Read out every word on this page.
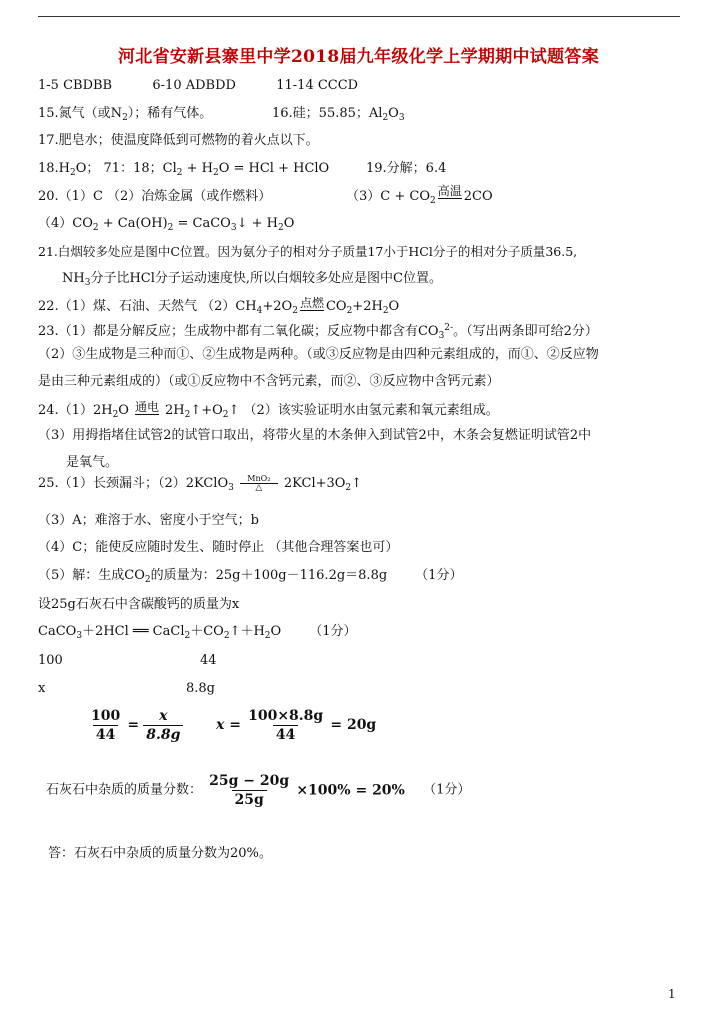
河北省安新县寨里中学2018届九年级化学上学期期中试题答案
1-5 CBDBB	6-10 ADBDD	11-14 CCCD
15.氮气（或$N_2$）；稀有气体。	16.硅；55.85；$Al_2O_3$
17.肥皂水；使温度降低到可燃物的着火点以下。
$18.H_2O$； 71：18；$Cl_2 + H_2O$ = HCl + HClO	19.分解；6.4
20.（1）C （2）冶炼金属（或作燃料）	$(3)C + CO_2$
高温 2CO
$(4)CO_2 + Ca(OH)_2$ = CaCO$_3$↓ + $H_2O$
21.白烟较多处应是图中C位置。因为氨分子的相对分子质量17小于HCl分子的相对分子质量36.5,
$NH_3$分子比HCl分子运动速度快,所以白烟较多处应是图中C位置。
22.（1）煤、石油、天然气 $(2)CH_4+2O_2$
点燃 $CO_2+2H_2O$
23.（1）都是分解反应；生成物中都有二氧化碳；反应物中都含有$CO_3^{2-}$。（写出两条即可给2分）
（2）③生成物是三种而①、②生成物是两种。（或③反应物是由四种元素组成的，而①、②反应物
是由三种元素组成的）（或①反应物中不含钙元素，而②、③反应物中含钙元素）
$24.(1)2H_2O$ 通电 $2H_2↑+O_2↑$ （2）该实验证明水由氢元素和氧元素组成。
（3）用拇指堵住试管2的试管口取出，将带火星的木条伸入到试管2中，木条会复燃证明试管2中
是氧气。
25.（1）长颈漏斗；（2）2KClO$_3$
MnO₂
△	$2KCl+3O_2↑$
（3）A；难溶于水、密度小于空气；b
（4）C；能使反应随时发生、随时停止 （其他合理答案也可）
（5）解：生成$CO_2$的质量为：25g＋100g－116.2g＝8.8g （1分）
设25g石灰石中含碳酸钙的质量为x
CaCO$_3$＋2HCl ══ $CaCl_2+CO_2↑+H_2O$ （1分）
100	44
x	8.8g
$\frac{100}{44} = \frac{x}{8.8g}$ $x = \frac{100\times 8.8g}{44} = 20g$
石灰石中杂质的质量分数： $\frac{25g - 20g}{25g} \times 100\% = 20\%$ （1分）
答：石灰石中杂质的质量分数为20%。
1
